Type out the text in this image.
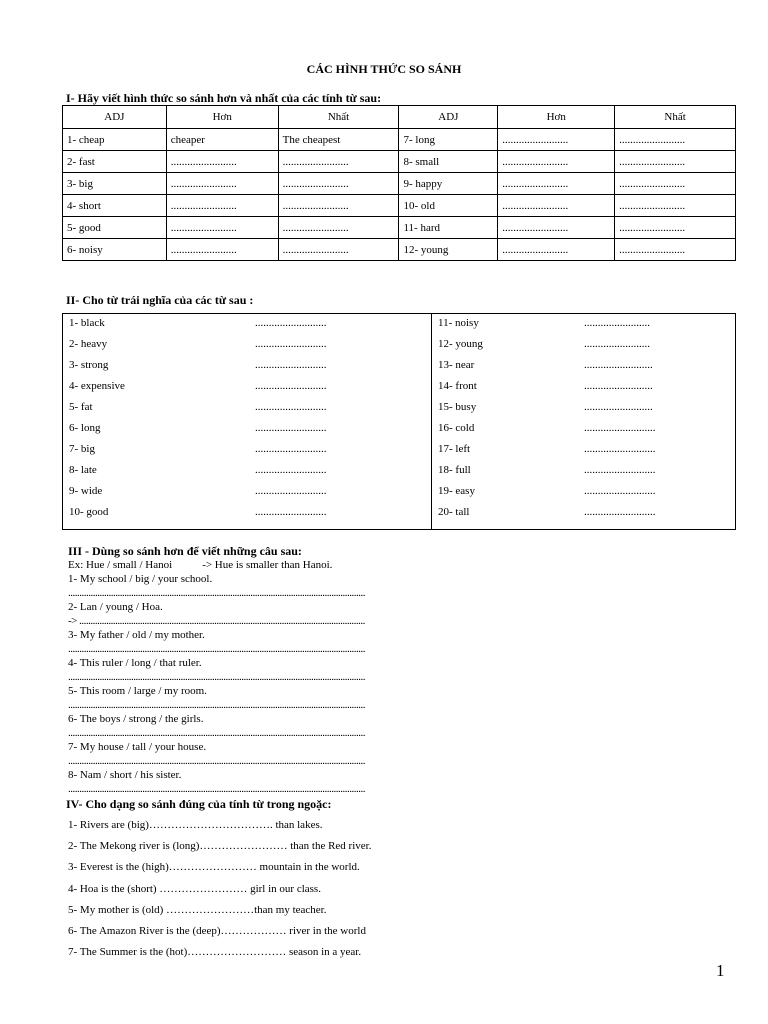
CÁC HÌNH THỨC SO SÁNH
I- Hãy viết hình thức so sánh hơn và nhất của các tính từ sau:
ADJ	Hơn	Nhất	ADJ	Hơn	Nhất
1- cheap	cheaper	The cheapest	7- long	........................	........................
2- fast	........................	........................	8- small	........................	........................
3- big	........................	........................	9- happy	........................	........................
4- short	........................	........................	10- old	........................	........................
5- good	........................	........................	11- hard	........................	........................
6- noisy	........................	........................	12- young	........................	........................
II- Cho từ trái nghĩa của các từ sau :
1- black	..........................
2- heavy	..........................
3- strong	..........................
4- expensive	..........................
5- fat	..........................
6- long	..........................
7- big	..........................
8- late	..........................
9- wide	..........................
10- good	..........................
11- noisy	........................
12- young	........................
13- near	.........................
14- front	.........................
15- busy	.........................
16- cold	..........................
17- left	..........................
18- full	..........................
19- easy	..........................
20- tall	..........................
III - Dùng so sánh hơn để viết những câu sau:
Ex: Hue / small / Hanoi	-> Hue is smaller than Hanoi.
1- My school / big / your school.
....................................................................................................................................
2- Lan / young / Hoa.
-> ...............................................................................................................................
3- My father / old / my mother.
....................................................................................................................................
4- This ruler / long / that ruler.
....................................................................................................................................
5- This room / large / my room.
....................................................................................................................................
6- The boys / strong / the girls.
....................................................................................................................................
7- My house / tall / your house.
....................................................................................................................................
8- Nam / short / his sister.
....................................................................................................................................
IV- Cho dạng so sánh đúng của tính từ trong ngoặc:
1- Rivers are (big)……………………………. than lakes.
2- The Mekong river is (long)…………………… than the Red river.
3- Everest is the (high)…………………… mountain in the world.
4- Hoa is the (short) …………………… girl in our class.
5- My mother is (old) ……………………than my teacher.
6- The Amazon River is the (deep)……………… river in the world
7- The Summer is the (hot)……………………… season in a year.
1
